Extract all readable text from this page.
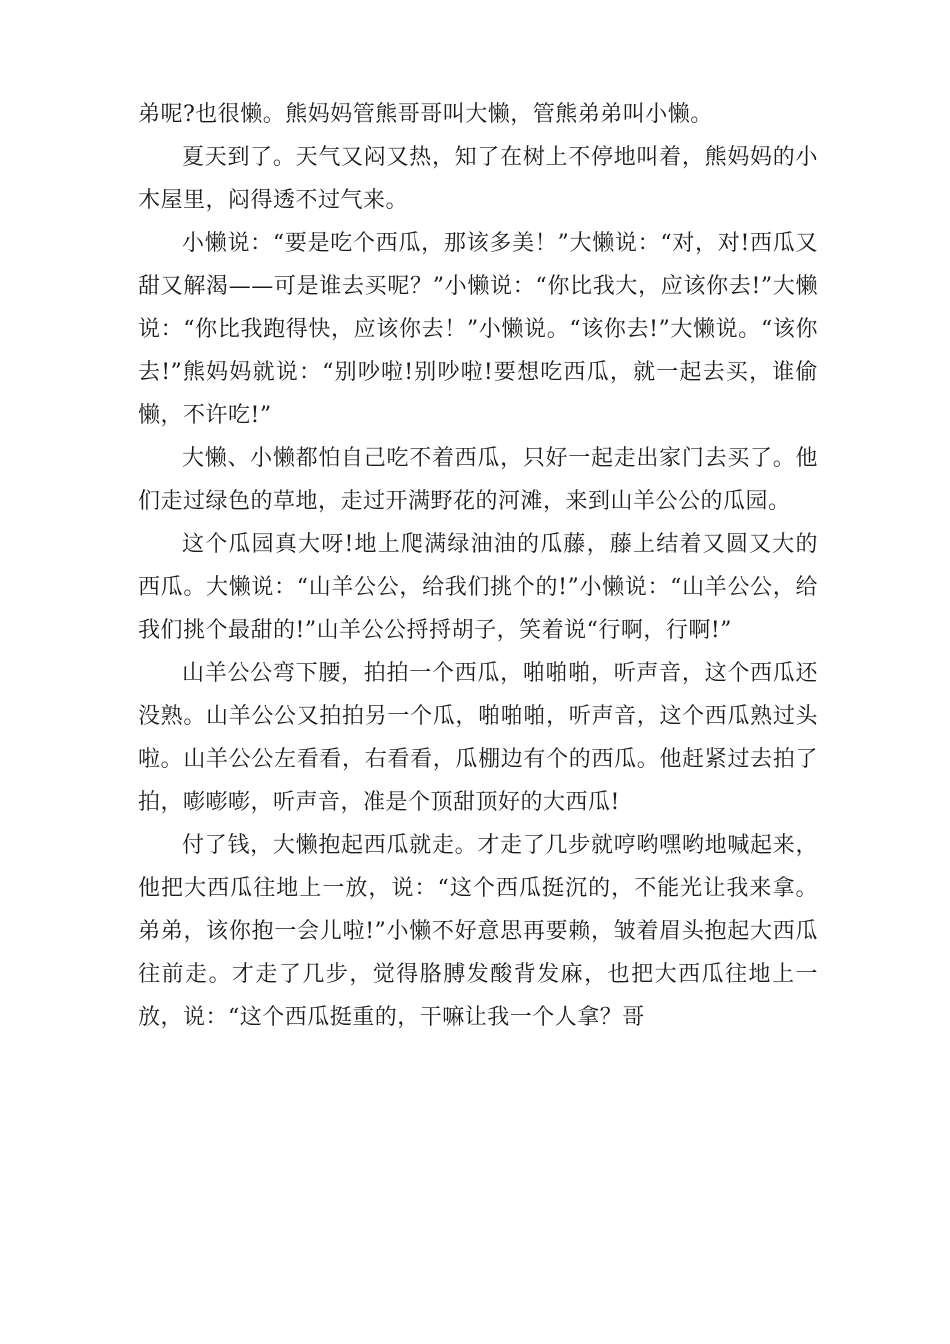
弟呢?也很懒。熊妈妈管熊哥哥叫大懒，管熊弟弟叫小懒。

夏天到了。天气又闷又热，知了在树上不停地叫着，熊妈妈的小木屋里，闷得透不过气来。

小懒说：“要是吃个西瓜，那该多美！”大懒说：“对，对!西瓜又甜又解渴——可是谁去买呢？”小懒说：“你比我大，应该你去!”大懒说：“你比我跑得快，应该你去！”小懒说。“该你去!”大懒说。“该你去!”熊妈妈就说：“别吵啦!别吵啦!要想吃西瓜，就一起去买，谁偷懒，不许吃!”

大懒、小懒都怕自己吃不着西瓜，只好一起走出家门去买了。他们走过绿色的草地，走过开满野花的河滩，来到山羊公公的瓜园。

这个瓜园真大呀!地上爬满绿油油的瓜藤，藤上结着又圆又大的西瓜。大懒说：“山羊公公，给我们挑个的!”小懒说：“山羊公公，给我们挑个最甜的!”山羊公公捋捋胡子，笑着说“行啊，行啊!”

山羊公公弯下腰，拍拍一个西瓜，啪啪啪，听声音，这个西瓜还没熟。山羊公公又拍拍另一个瓜，啪啪啪，听声音，这个西瓜熟过头啦。山羊公公左看看，右看看，瓜棚边有个的西瓜。他赶紧过去拍了拍，嘭嘭嘭，听声音，准是个顶甜顶好的大西瓜!

付了钱，大懒抱起西瓜就走。才走了几步就哼哟嘿哟地喊起来，他把大西瓜往地上一放，说：“这个西瓜挺沉的，不能光让我来拿。弟弟，该你抱一会儿啦!”小懒不好意思再要赖，皱着眉头抱起大西瓜往前走。才走了几步，觉得胳膊发酸背发麻，也把大西瓜往地上一放，说：“这个西瓜挺重的，干嘛让我一个人拿？哥
